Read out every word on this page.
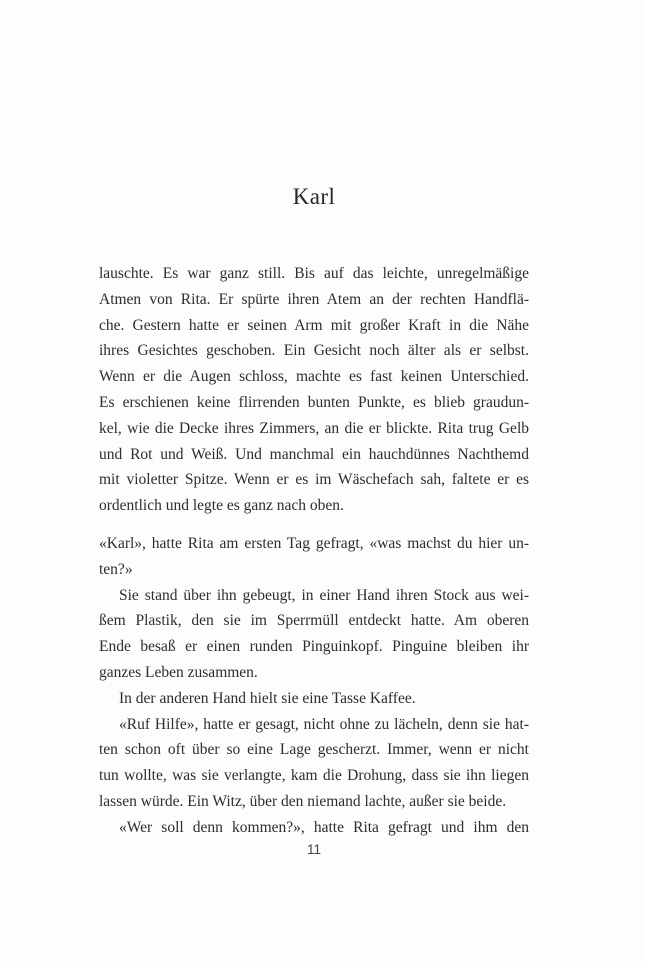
Karl
lauschte. Es war ganz still. Bis auf das leichte, unregelmäßige
Atmen von Rita. Er spürte ihren Atem an der rechten Handflä-
che. Gestern hatte er seinen Arm mit großer Kraft in die Nähe
ihres Gesichtes geschoben. Ein Gesicht noch älter als er selbst.
Wenn er die Augen schloss, machte es fast keinen Unterschied.
Es erschienen keine flirrenden bunten Punkte, es blieb graudun-
kel, wie die Decke ihres Zimmers, an die er blickte. Rita trug Gelb
und Rot und Weiß. Und manchmal ein hauchdünnes Nachthemd
mit violetter Spitze. Wenn er es im Wäschefach sah, faltete er es
ordentlich und legte es ganz nach oben.
«Karl», hatte Rita am ersten Tag gefragt, «was machst du hier un-
ten?»
Sie stand über ihn gebeugt, in einer Hand ihren Stock aus wei-
ßem Plastik, den sie im Sperrmüll entdeckt hatte. Am oberen
Ende besaß er einen runden Pinguinkopf. Pinguine bleiben ihr
ganzes Leben zusammen.
In der anderen Hand hielt sie eine Tasse Kaffee.
«Ruf Hilfe», hatte er gesagt, nicht ohne zu lächeln, denn sie hat-
ten schon oft über so eine Lage gescherzt. Immer, wenn er nicht
tun wollte, was sie verlangte, kam die Drohung, dass sie ihn liegen
lassen würde. Ein Witz, über den niemand lachte, außer sie beide.
«Wer soll denn kommen?», hatte Rita gefragt und ihm den
11
